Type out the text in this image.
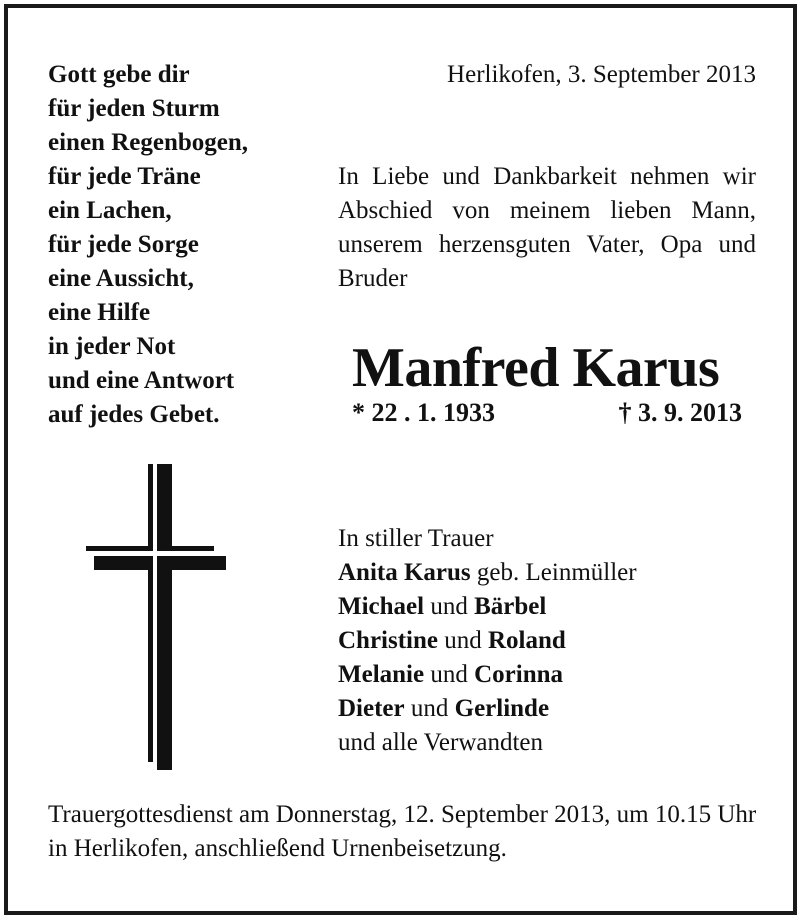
Gott gebe dir
für jeden Sturm
einen Regenbogen,
für jede Träne
ein Lachen,
für jede Sorge
eine Aussicht,
eine Hilfe
in jeder Not
und eine Antwort
auf jedes Gebet.
Herlikofen, 3. September 2013

In Liebe und Dankbarkeit nehmen wir Abschied von meinem lieben Mann, unserem herzensguten Vater, Opa und Bruder

Manfred Karus
* 22 . 1. 1933	† 3. 9. 2013
In stiller Trauer
Anita Karus geb. Leinmüller
Michael und Bärbel
Christine und Roland
Melanie und Corinna
Dieter und Gerlinde
und alle Verwandten

Trauergottesdienst am Donnerstag, 12. September 2013, um 10.15 Uhr in Herlikofen, anschließend Urnenbeisetzung.
